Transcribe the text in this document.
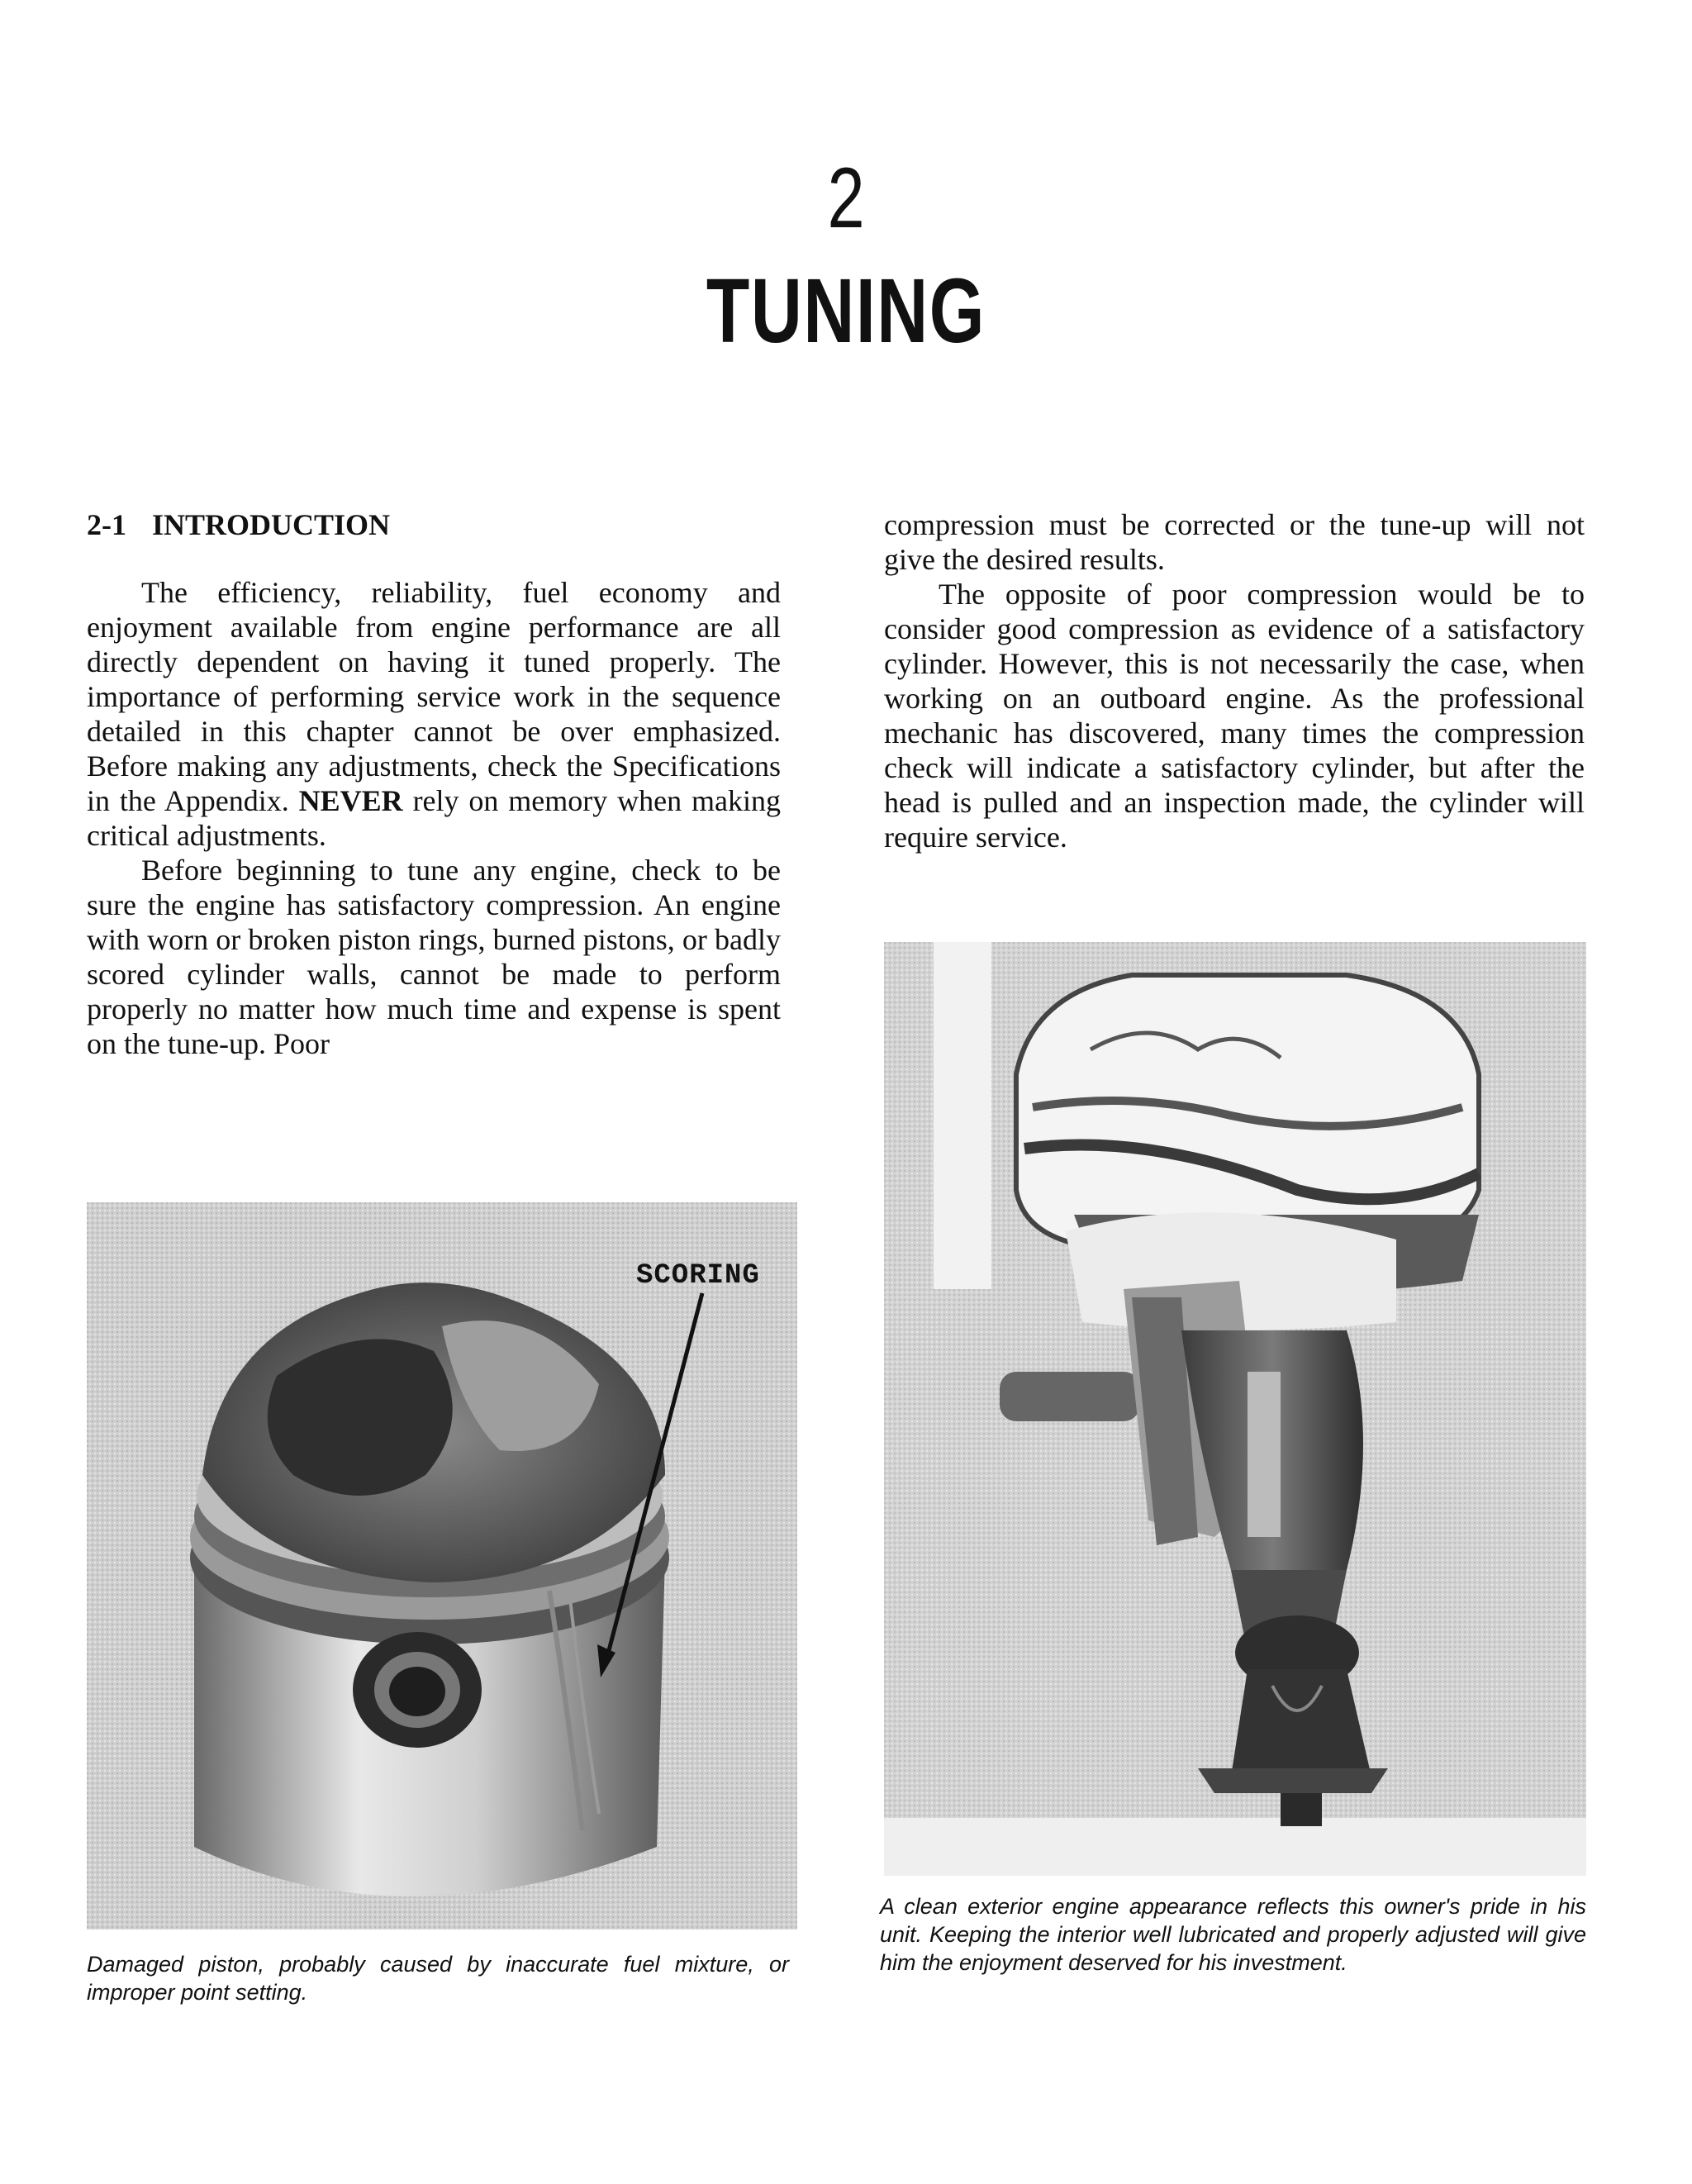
2
TUNING
2-1 INTRODUCTION

The efficiency, reliability, fuel economy and enjoyment available from engine performance are all directly dependent on having it tuned properly. The importance of performing service work in the sequence detailed in this chapter cannot be over emphasized. Before making any adjustments, check the Specifications in the Appendix. NEVER rely on memory when making critical adjustments.

Before beginning to tune any engine, check to be sure the engine has satisfactory compression. An engine with worn or broken piston rings, burned pistons, or badly scored cylinder walls, cannot be made to perform properly no matter how much time and expense is spent on the tune-up. Poor

compression must be corrected or the tune-up will not give the desired results.

The opposite of poor compression would be to consider good compression as evidence of a satisfactory cylinder. However, this is not necessarily the case, when working on an outboard engine. As the professional mechanic has discovered, many times the compression check will indicate a satisfactory cylinder, but after the head is pulled and an inspection made, the cylinder will require service.

SCORING
Damaged piston, probably caused by inaccurate fuel mixture, or improper point setting.
A clean exterior engine appearance reflects this owner's pride in his unit. Keeping the interior well lubricated and properly adjusted will give him the enjoyment deserved for his investment.
